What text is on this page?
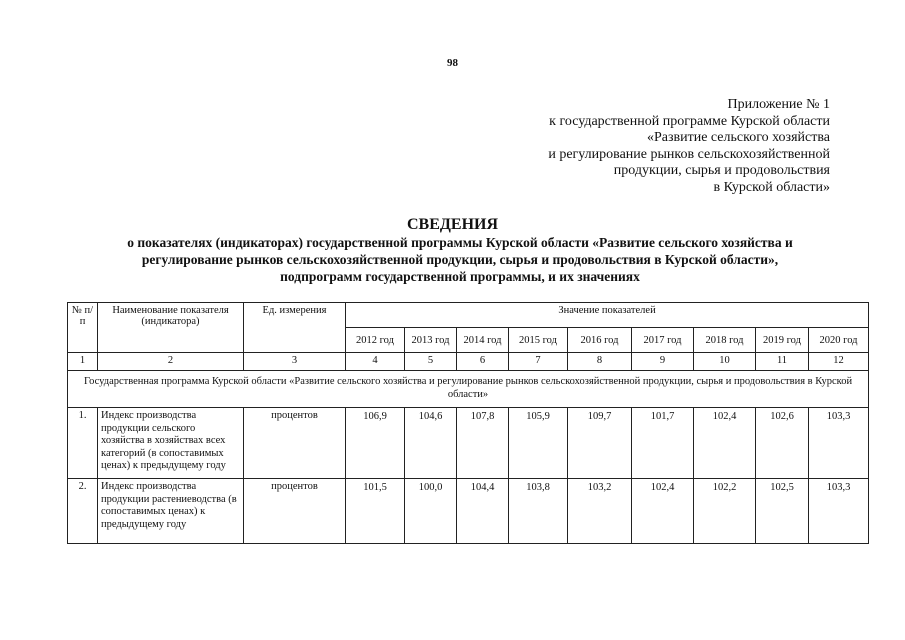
98
Приложение № 1
к государственной программе Курской области
«Развитие сельского хозяйства
и регулирование рынков сельскохозяйственной
продукции, сырья и продовольствия
в Курской области»
СВЕДЕНИЯ
о показателях (индикаторах) государственной программы Курской области «Развитие сельского хозяйства и
регулирование рынков сельскохозяйственной продукции, сырья и продовольствия в Курской области»,
подпрограмм государственной программы, и их значениях
№ п/п	Наименование показателя (индикатора)	Ед. измерения	Значение показателей								
			2012 год	2013 год	2014 год	2015 год	2016 год	2017 год	2018 год	2019 год	2020 год
1	2	3	4	5	6	7	8	9	10	11	12
Государственная программа Курской области «Развитие сельского хозяйства и регулирование рынков сельскохозяйственной продукции, сырья и продовольствия в Курской области»											
1.	Индекс производства продукции сельского хозяйства в хозяйствах всех категорий (в сопоставимых ценах) к предыдущему году	процентов	106,9	104,6	107,8	105,9	109,7	101,7	102,4	102,6	103,3
2.	Индекс производства продукции растениеводства (в сопоставимых ценах) к предыдущему году	процентов	101,5	100,0	104,4	103,8	103,2	102,4	102,2	102,5	103,3
